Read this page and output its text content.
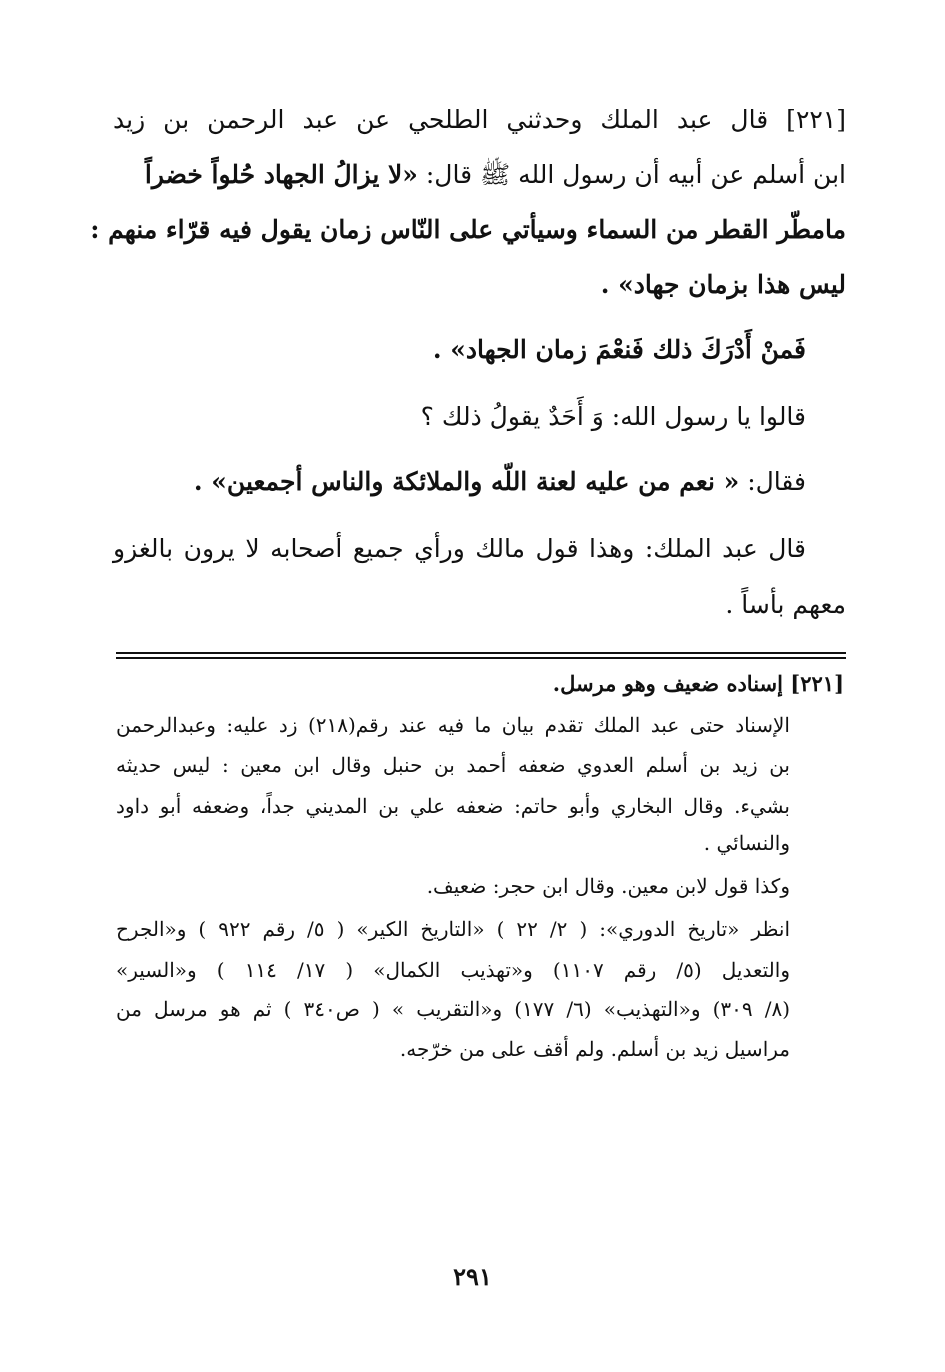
[٢٢١] قال عبد الملك وحدثني الطلحي عن عبد الرحمن بن زيد
ابن أسلم عن أبيه أن رسول الله ﷺ قال: «لا يزالُ الجهاد حُلواً خضراً
مامطّر القطر من السماء وسيأتي على النّاس زمان يقول فيه قرّاء منهم :
ليس هذا بزمان جهاد» .
فَمنْ أَدْرَكَ ذلك فَنعْمَ زمان الجهاد» .
قالوا يا رسول الله: وَ أَحَدٌ يقولُ ذلك ؟
فقال: « نعم من عليه لعنة اللّه والملائكة والناس أجمعين» .
قال عبد الملك: وهذا قول مالك ورأي جميع أصحابه لا يرون بالغزو
معهم بأساً .
[٢٢١] إسناده ضعيف وهو مرسل.
الإسناد حتى عبد الملك تقدم بيان ما فيه عند رقم(٢١٨) زد عليه: وعبدالرحمن
بن زيد بن أسلم العدوي ضعفه أحمد بن حنبل وقال ابن معين : ليس حديثه
بشيء. وقال البخاري وأبو حاتم: ضعفه علي بن المديني جداً، وضعفه أبو داود
والنسائي .
وكذا قول لابن معين. وقال ابن حجر: ضعيف.
انظر «تاريخ الدوري»: ( ٢/ ٢٢ ) «التاريخ الكير» ( ٥/ رقم ٩٢٢ ) و«الجرح
والتعديل (٥/ رقم ١١٠٧) و«تهذيب الكمال» ( ١٧/ ١١٤ ) و«السير»
(٨/ ٣٠٩) و«التهذيب» (٦/ ١٧٧) و«التقريب » ( ص٣٤٠ ) ثم هو مرسل من
مراسيل زيد بن أسلم. ولم أقف على من خرّجه.
٢٩١
